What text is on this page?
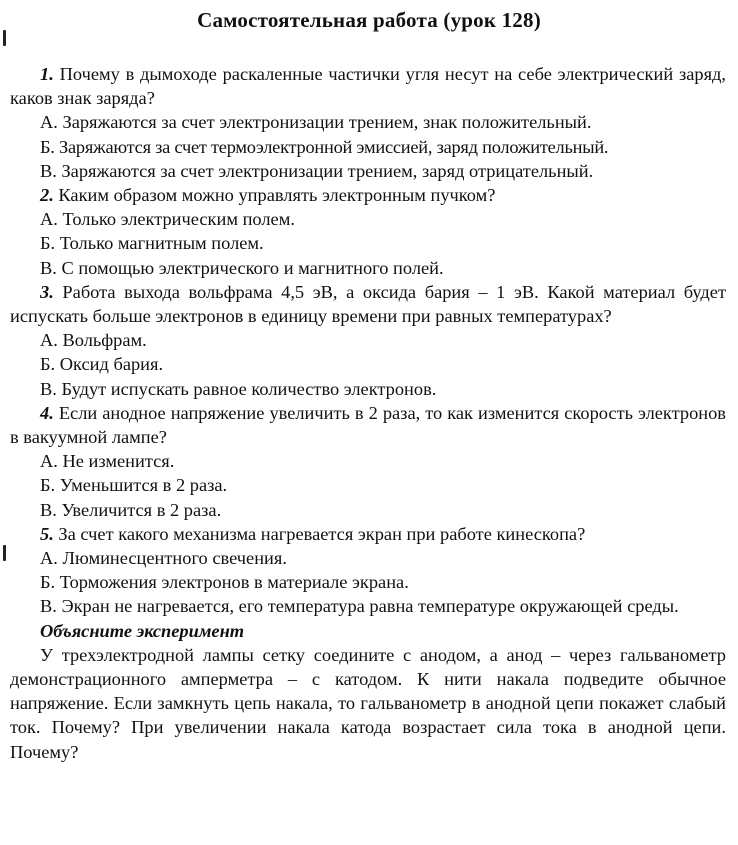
Самостоятельная работа (урок 128)

1. Почему в дымоходе раскаленные частички угля несут на себе электрический заряд, каков знак заряда?

А. Заряжаются за счет электронизации трением, знак положительный.

Б. Заряжаются за счет термоэлектронной эмиссией, заряд положительный.

В. Заряжаются за счет электронизации трением, заряд отрицательный.

2. Каким образом можно управлять электронным пучком?

А. Только электрическим полем.

Б. Только магнитным полем.

В. С помощью электрического и магнитного полей.

3. Работа выхода вольфрама 4,5 эВ, а оксида бария – 1 эВ. Какой материал будет испускать больше электронов в единицу времени при равных температурах?

А. Вольфрам.

Б. Оксид бария.

В. Будут испускать равное количество электронов.

4. Если анодное напряжение увеличить в 2 раза, то как изменится скорость электронов в вакуумной лампе?

А. Не изменится.

Б. Уменьшится в 2 раза.

В. Увеличится в 2 раза.

5. За счет какого механизма нагревается экран при работе кинескопа?

А. Люминесцентного свечения.

Б. Торможения электронов в материале экрана.

В. Экран не нагревается, его температура равна температуре окружающей среды.

Объясните эксперимент

У трехэлектродной лампы сетку соедините с анодом, а анод – через гальванометр демонстрационного амперметра – с катодом. К нити накала подведите обычное напряжение. Если замкнуть цепь накала, то гальванометр в анодной цепи покажет слабый ток. Почему? При увеличении накала катода возрастает сила тока в анодной цепи. Почему?
